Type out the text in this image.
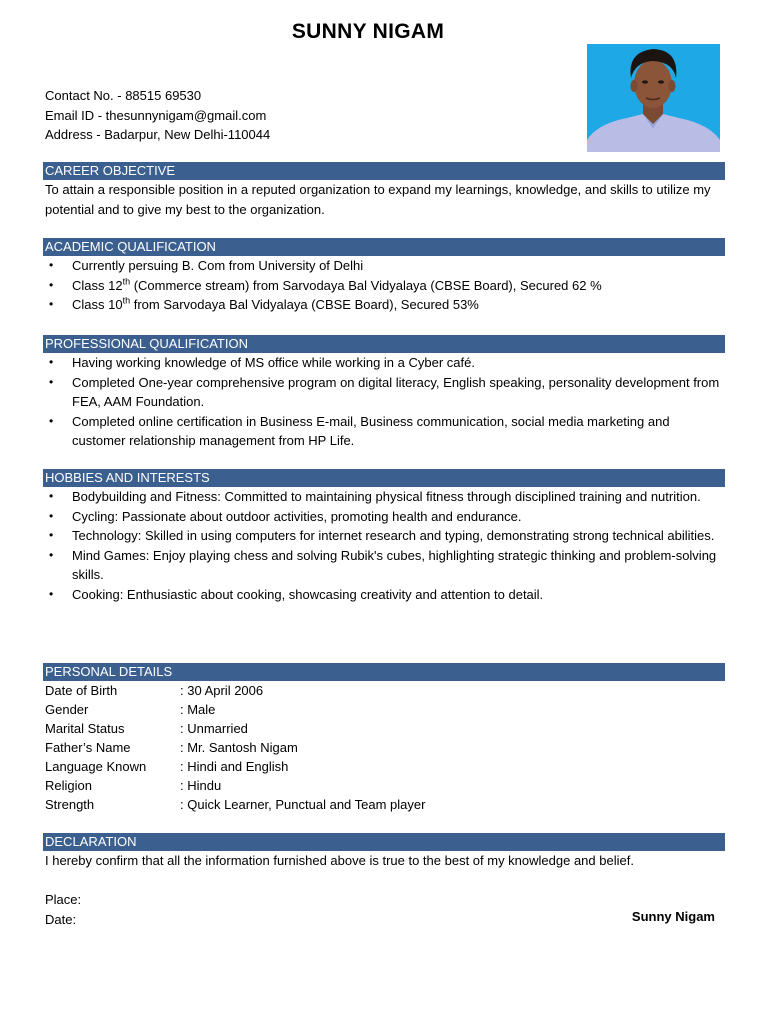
SUNNY NIGAM
Contact No. - 88515 69530
Email ID - thesunnynigam@gmail.com
Address - Badarpur, New Delhi-110044
CAREER OBJECTIVE
To attain a responsible position in a reputed organization to expand my learnings, knowledge, and skills to utilize my potential and to give my best to the organization.
ACADEMIC QUALIFICATION
• Currently persuing B. Com from University of Delhi
• Class 12th (Commerce stream) from Sarvodaya Bal Vidyalaya (CBSE Board), Secured 62 %
• Class 10th from Sarvodaya Bal Vidyalaya (CBSE Board), Secured 53%
PROFESSIONAL QUALIFICATION
• Having working knowledge of MS office while working in a Cyber café.
• Completed One-year comprehensive program on digital literacy, English speaking, personality development from FEA, AAM Foundation.
• Completed online certification in Business E-mail, Business communication, social media marketing and customer relationship management from HP Life.
HOBBIES AND INTERESTS
• Bodybuilding and Fitness: Committed to maintaining physical fitness through disciplined training and nutrition.
• Cycling: Passionate about outdoor activities, promoting health and endurance.
• Technology: Skilled in using computers for internet research and typing, demonstrating strong technical abilities.
• Mind Games: Enjoy playing chess and solving Rubik's cubes, highlighting strategic thinking and problem-solving skills.
• Cooking: Enthusiastic about cooking, showcasing creativity and attention to detail.
PERSONAL DETAILS
Date of Birth	: 30 April 2006
Gender	: Male
Marital Status	: Unmarried
Father’s Name	: Mr. Santosh Nigam
Language Known	: Hindi and English
Religion	: Hindu
Strength	: Quick Learner, Punctual and Team player
DECLARATION
I hereby confirm that all the information furnished above is true to the best of my knowledge and belief.
Place:
Date:	Sunny Nigam
